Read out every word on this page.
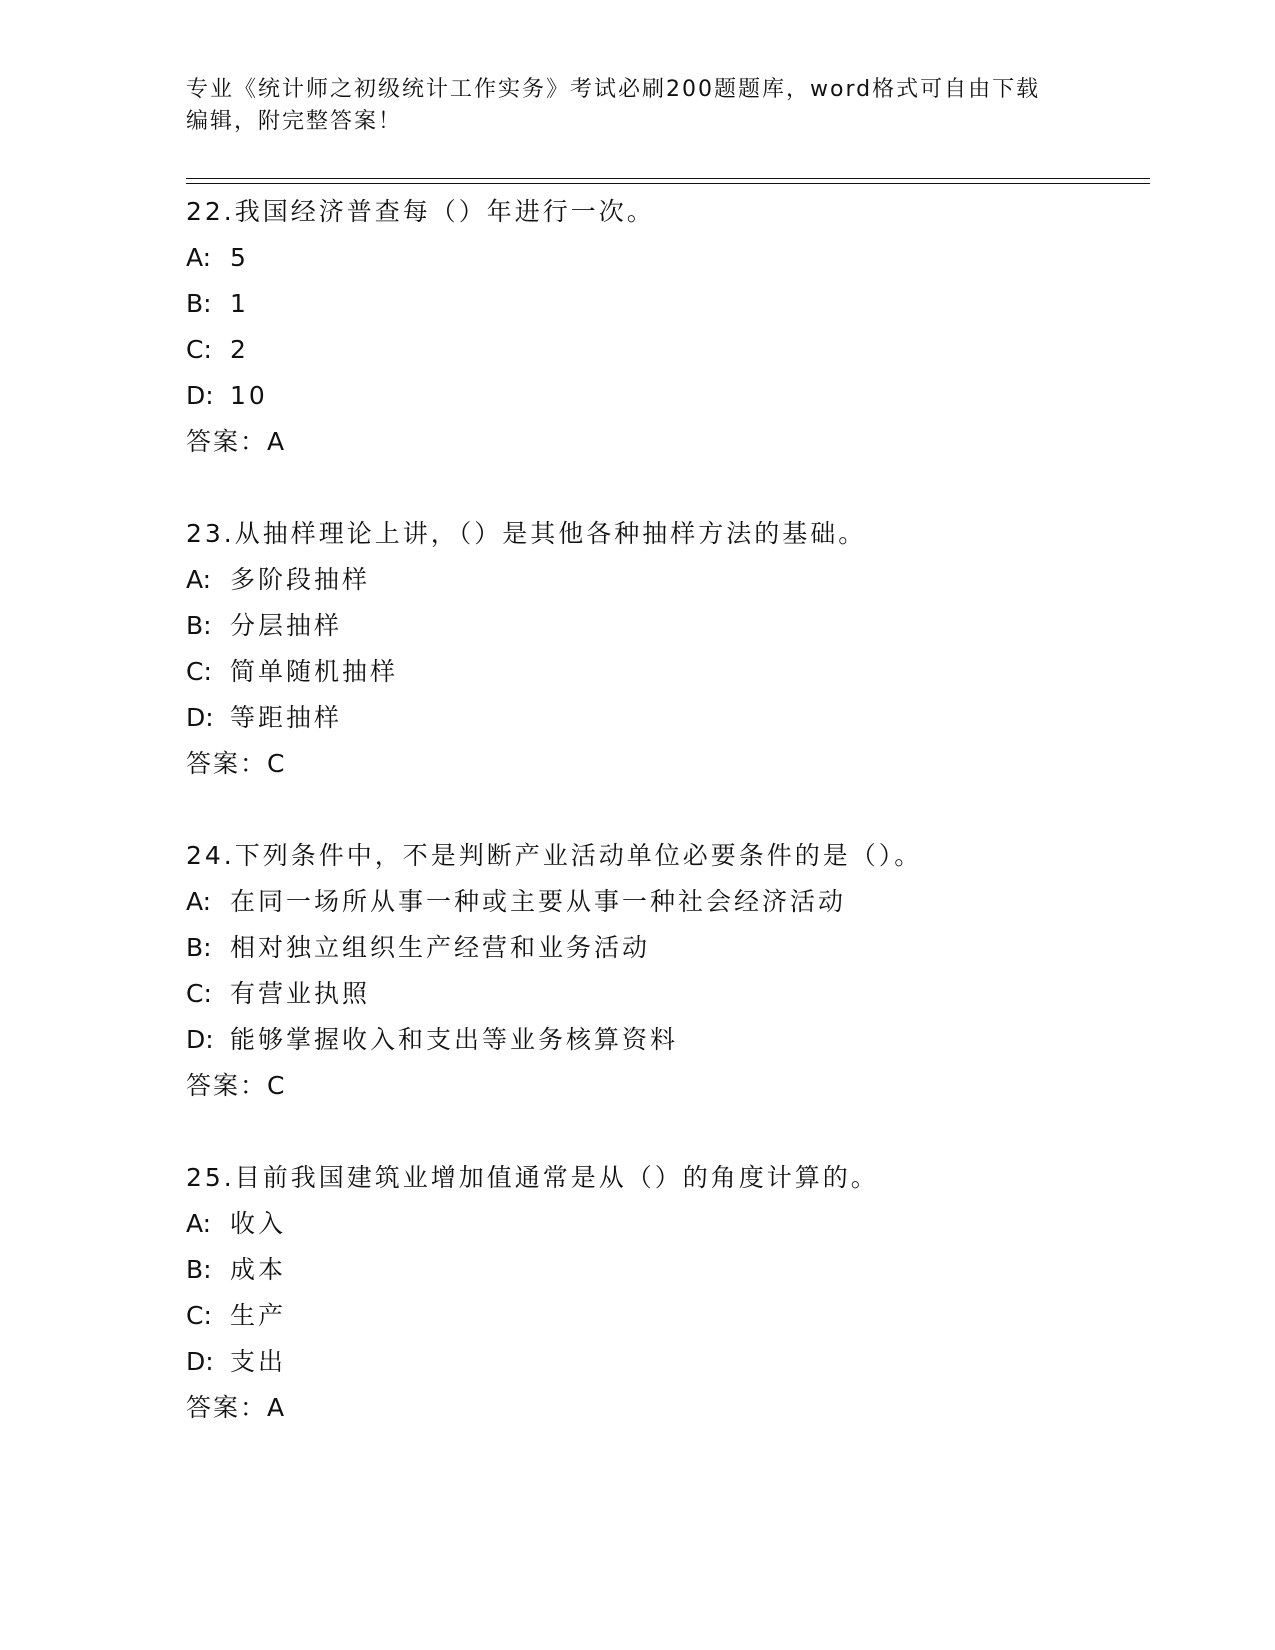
专业《统计师之初级统计工作实务》考试必刷200题题库，word格式可自由下载
编辑，附完整答案！
22.我国经济普查每（）年进行一次。
A: 5
B: 1
C: 2
D: 10
答案：A
23.从抽样理论上讲，（）是其他各种抽样方法的基础。
A: 多阶段抽样
B: 分层抽样
C: 简单随机抽样
D: 等距抽样
答案：C
24.下列条件中，不是判断产业活动单位必要条件的是（）。
A: 在同一场所从事一种或主要从事一种社会经济活动
B: 相对独立组织生产经营和业务活动
C: 有营业执照
D: 能够掌握收入和支出等业务核算资料
答案：C
25.目前我国建筑业增加值通常是从（）的角度计算的。
A: 收入
B: 成本
C: 生产
D: 支出
答案：A
